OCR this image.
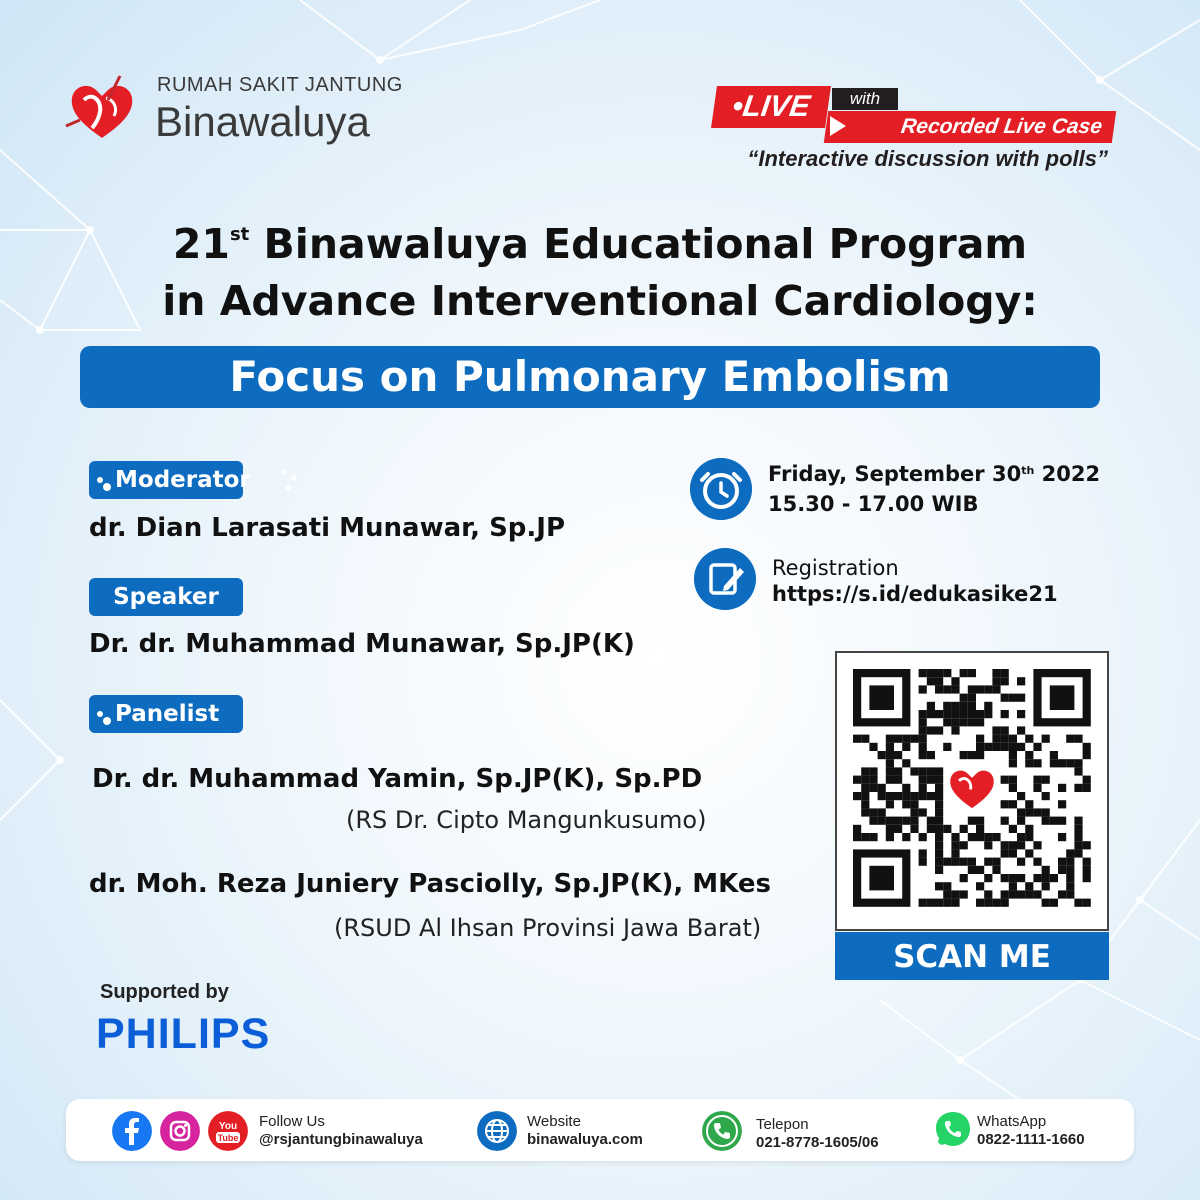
RUMAH SAKIT JANTUNG
Binawaluya	•LIVE	with
Recorded Live Case
“Interactive discussion with polls”
21st Binawaluya Educational Program
in Advance Interventional Cardiology:
Focus on Pulmonary Embolism
Moderator
dr. Dian Larasati Munawar, Sp.JP
Speaker
Dr. dr. Muhammad Munawar, Sp.JP(K)
Panelist
Dr. dr. Muhammad Yamin, Sp.JP(K), Sp.PD
(RS Dr. Cipto Mangunkusumo)
dr. Moh. Reza Juniery Pasciolly, Sp.JP(K), MKes
(RSUD Al Ihsan Provinsi Jawa Barat)
Friday, September 30th 2022
15.30 - 17.00 WIB
Registration
https://s.id/edukasike21
SCAN ME
Supported by
PHILIPS
You
Tube
Follow Us
@rsjantungbinawaluya
Website
binawaluya.com
Telepon
021-8778-1605/06
WhatsApp
0822-1111-1660
